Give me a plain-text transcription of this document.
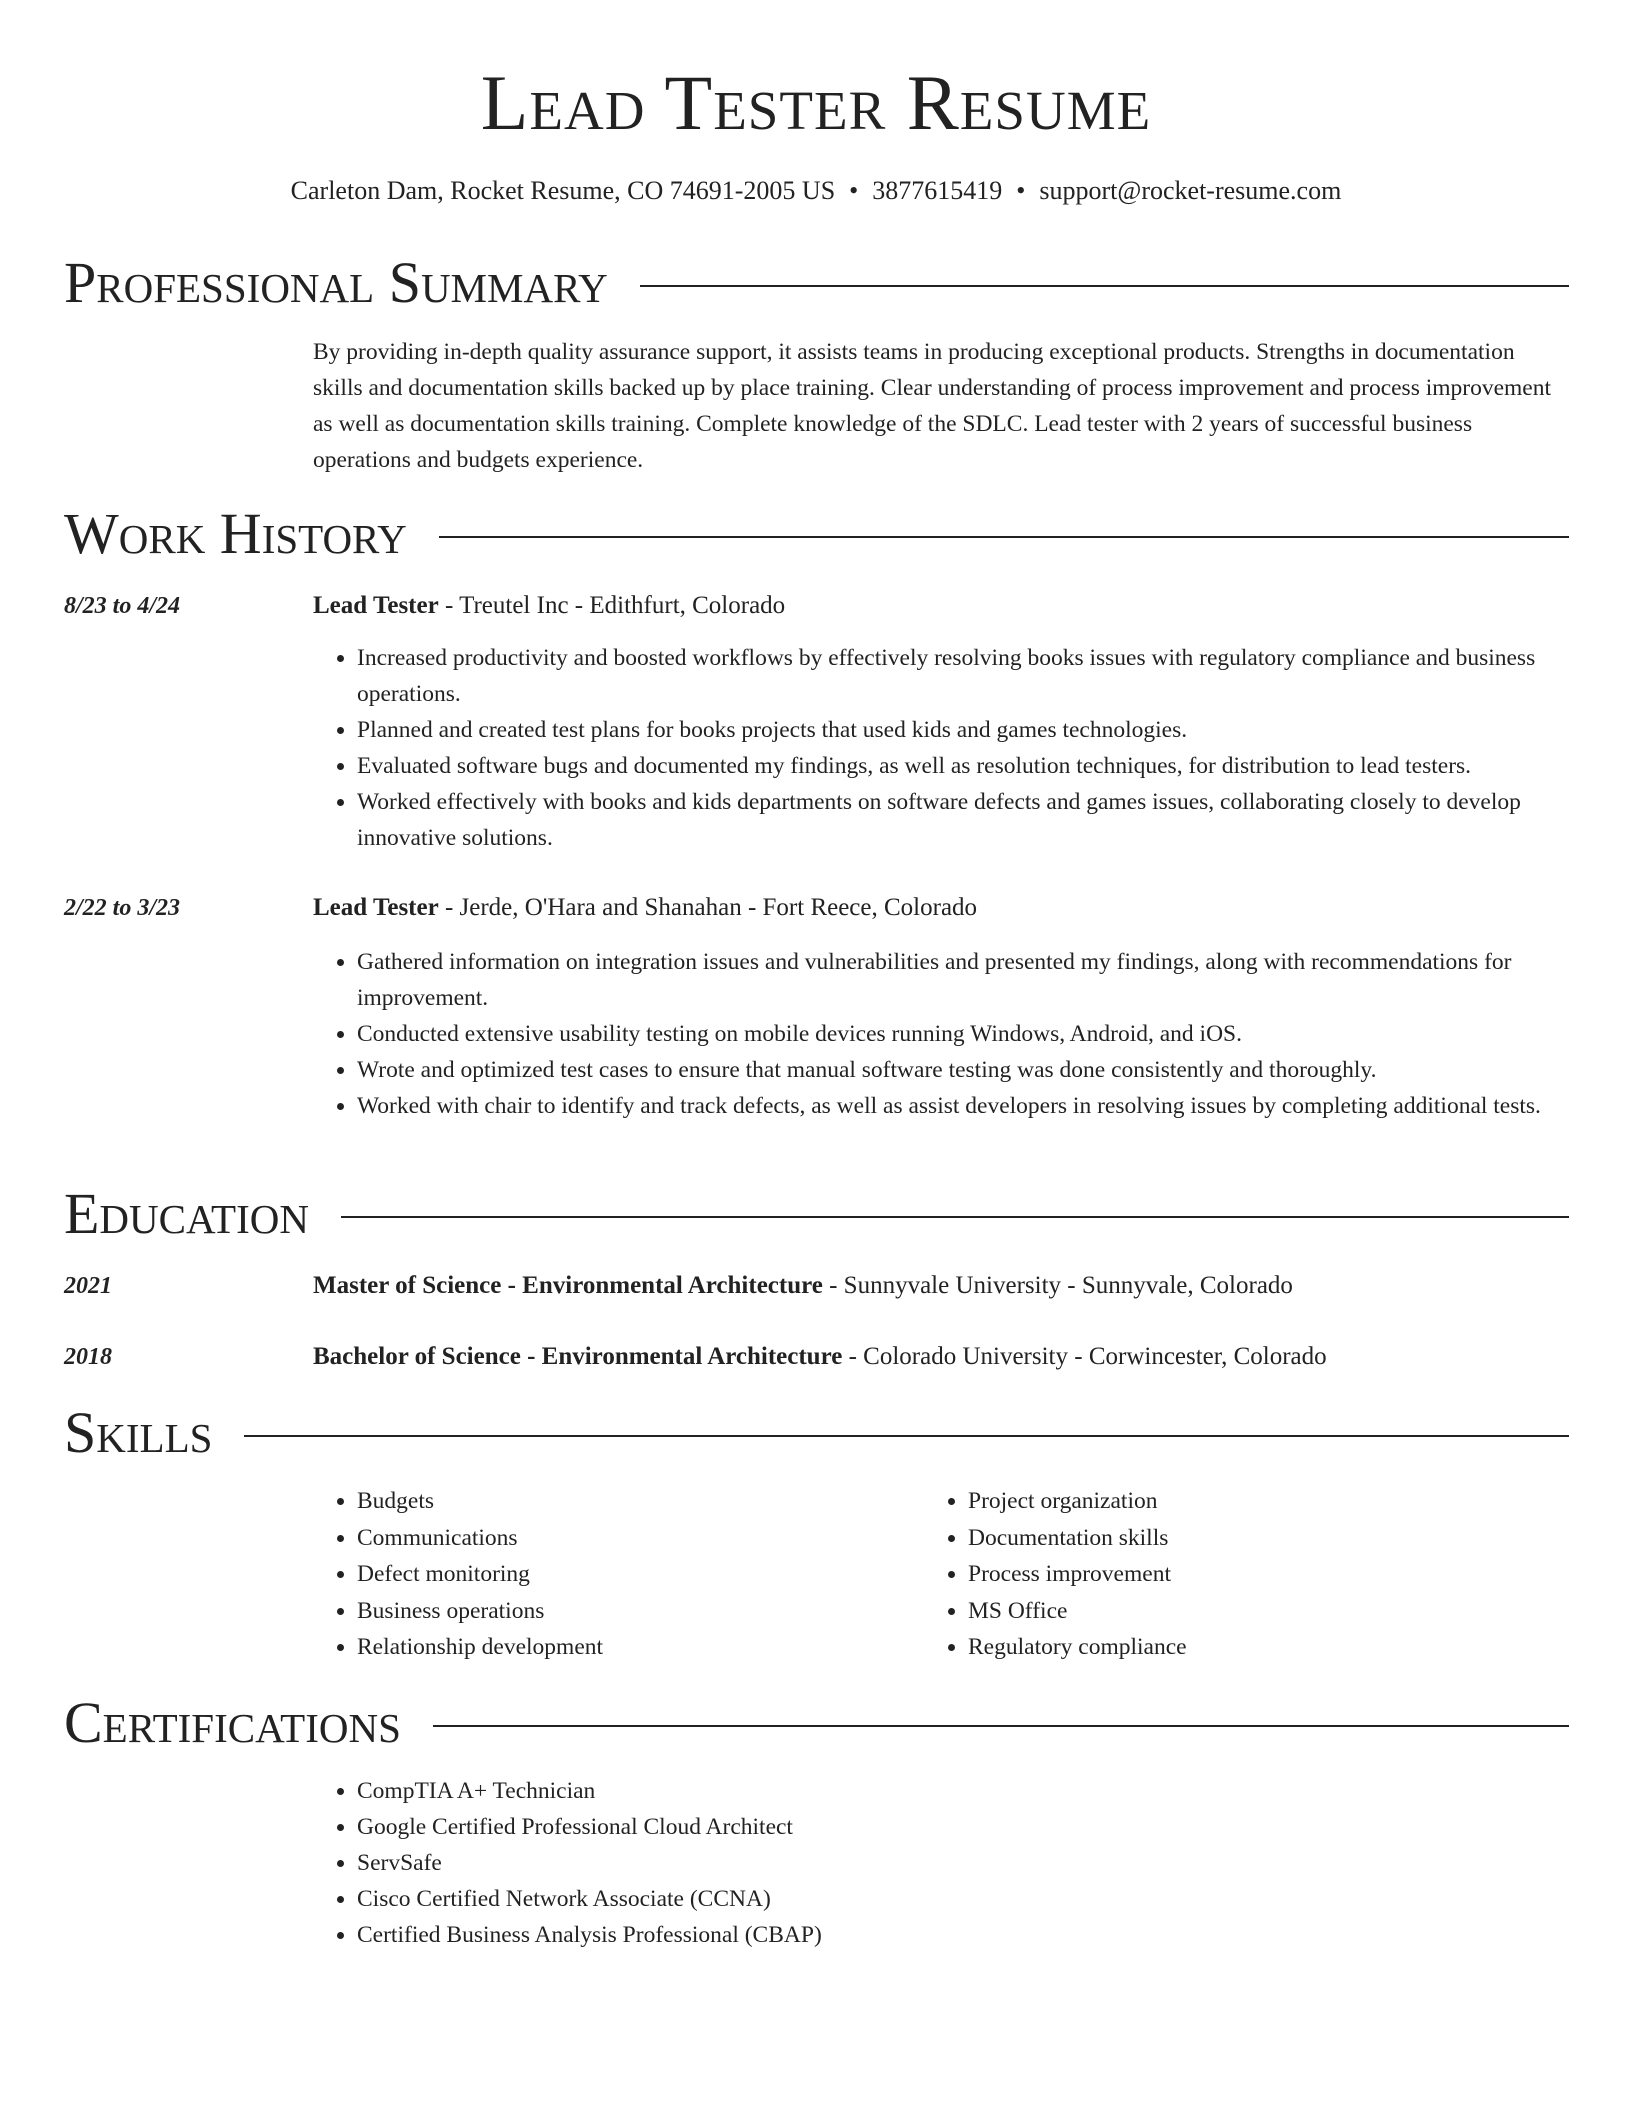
Lead Tester Resume
Carleton Dam, Rocket Resume, CO 74691-2005 US • 3877615419 • support@rocket-resume.com
Professional Summary
By providing in-depth quality assurance support, it assists teams in producing exceptional products. Strengths in documentation skills and documentation skills backed up by place training. Clear understanding of process improvement and process improvement as well as documentation skills training. Complete knowledge of the SDLC. Lead tester with 2 years of successful business operations and budgets experience.
Work History
8/23 to 4/24	Lead Tester - Treutel Inc - Edithfurt, Colorado
• Increased productivity and boosted workflows by effectively resolving books issues with regulatory compliance and business operations.
• Planned and created test plans for books projects that used kids and games technologies.
• Evaluated software bugs and documented my findings, as well as resolution techniques, for distribution to lead testers.
• Worked effectively with books and kids departments on software defects and games issues, collaborating closely to develop innovative solutions.
2/22 to 3/23	Lead Tester - Jerde, O'Hara and Shanahan - Fort Reece, Colorado
• Gathered information on integration issues and vulnerabilities and presented my findings, along with recommendations for improvement.
• Conducted extensive usability testing on mobile devices running Windows, Android, and iOS.
• Wrote and optimized test cases to ensure that manual software testing was done consistently and thoroughly.
• Worked with chair to identify and track defects, as well as assist developers in resolving issues by completing additional tests.
Education
2021	Master of Science - Environmental Architecture - Sunnyvale University - Sunnyvale, Colorado
2018	Bachelor of Science - Environmental Architecture - Colorado University - Corwincester, Colorado
Skills
• Budgets
• Communications
• Defect monitoring
• Business operations
• Relationship development
• Project organization
• Documentation skills
• Process improvement
• MS Office
• Regulatory compliance
Certifications
• CompTIA A+ Technician
• Google Certified Professional Cloud Architect
• ServSafe
• Cisco Certified Network Associate (CCNA)
• Certified Business Analysis Professional (CBAP)
